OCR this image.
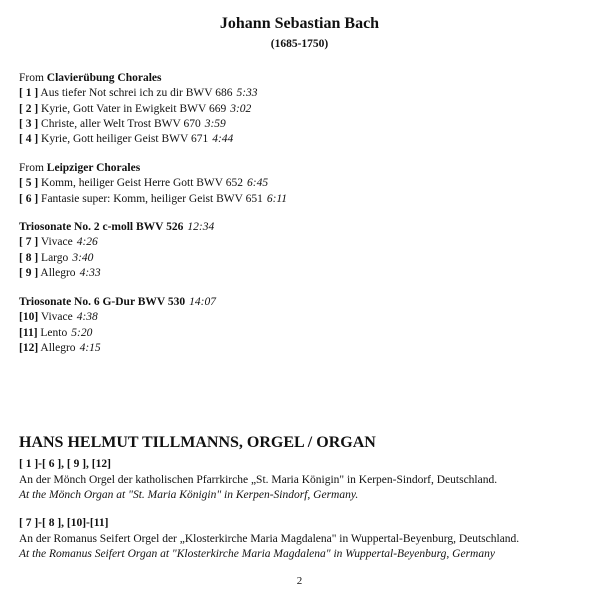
Johann Sebastian Bach
(1685-1750)
From Clavierübung Chorales
[ 1 ] Aus tiefer Not schrei ich zu dir BWV 686 5:33
[ 2 ] Kyrie, Gott Vater in Ewigkeit BWV 669 3:02
[ 3 ] Christe, aller Welt Trost BWV 670 3:59
[ 4 ] Kyrie, Gott heiliger Geist BWV 671 4:44
From Leipziger Chorales
[ 5 ] Komm, heiliger Geist Herre Gott BWV 652 6:45
[ 6 ] Fantasie super: Komm, heiliger Geist BWV 651 6:11
Triosonate No. 2 c-moll BWV 526 12:34
[ 7 ] Vivace 4:26
[ 8 ] Largo 3:40
[ 9 ] Allegro 4:33
Triosonate No. 6 G-Dur BWV 530 14:07
[10] Vivace 4:38
[11] Lento 5:20
[12] Allegro 4:15
HANS HELMUT TILLMANNS, ORGEL / ORGAN
[ 1 ]-[ 6 ], [ 9 ], [12]
An der Mönch Orgel der katholischen Pfarrkirche „St. Maria Königin" in Kerpen-Sindorf, Deutschland.
At the Mönch Organ at "St. Maria Königin" in Kerpen-Sindorf, Germany.
[ 7 ]-[ 8 ], [10]-[11]
An der Romanus Seifert Orgel der „Klosterkirche Maria Magdalena" in Wuppertal-Beyenburg, Deutschland.
At the Romanus Seifert Organ at "Klosterkirche Maria Magdalena" in Wuppertal-Beyenburg, Germany
2
